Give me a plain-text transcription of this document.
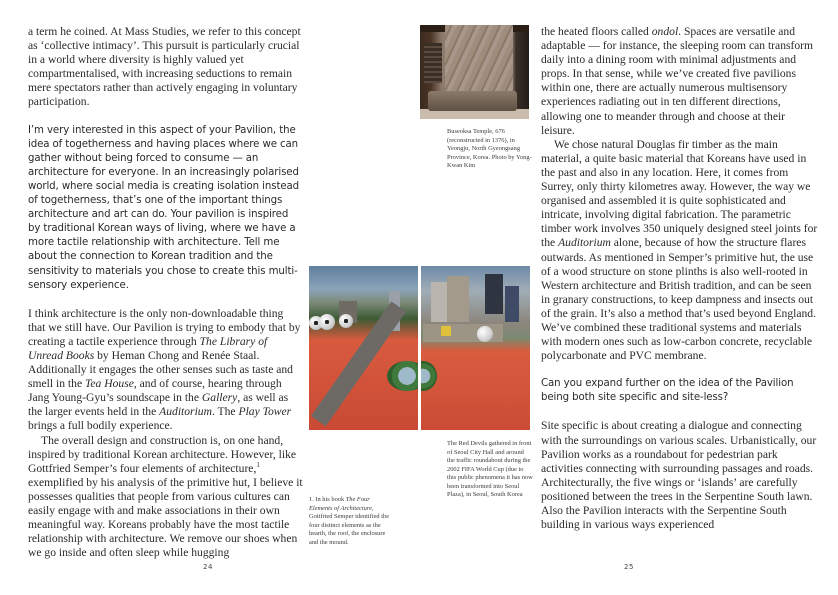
a term he coined. At Mass Studies, we refer to this concept as ‘collective intimacy’. This pursuit is particularly crucial in a world where diversity is highly valued yet compartmentalised, with increasing seductions to remain mere spectators rather than actively engaging in voluntary participation.

I’m very interested in this aspect of your Pavilion, the idea of togetherness and having places where we can gather without being forced to consume — an architecture for everyone. In an increasingly polarised world, where social media is creating isolation instead of togetherness, that’s one of the important things architecture and art can do. Your pavilion is inspired by traditional Korean ways of living, where we have a more tactile relationship with architecture. Tell me about the connection to Korean tradition and the sensitivity to materials you chose to create this multi-sensory experience.

I think architecture is the only non-downloadable thing that we still have. Our Pavilion is trying to embody that by creating a tactile experience through The Library of Unread Books by Heman Chong and Renée Staal. Additionally it engages the other senses such as taste and smell in the Tea House, and of course, hearing through Jang Young-Gyu’s soundscape in the Gallery, as well as the larger events held in the Auditorium. The Play Tower brings a full bodily experience.

The overall design and construction is, on one hand, inspired by traditional Korean architecture. However, like Gottfried Semper’s four elements of architecture,$^1$ exemplified by his analysis of the primitive hut, I believe it possesses qualities that people from various cultures can easily engage with and make associations in their own meaningful way. Koreans probably have the most tactile relationship with architecture. We remove our shoes when we go inside and often sleep while hugging

24
Buseoksa Temple, 676 (reconstructed in 1376), in Yeongju, North Gyeongsang Province, Korea. Photo by Yong-Kwan Kim
The Red Devils gathered in front of Seoul City Hall and around the traffic roundabout during the 2002 FIFA World Cup (due to this public phenomena it has now been transformed into Seoul Plaza), in Seoul, South Korea
1. In his book The Four Elements of Architecture, Gottfried Semper identified the four distinct elements as the hearth, the roof, the enclosure and the mound.

the heated floors called ondol. Spaces are versatile and adaptable — for instance, the sleeping room can transform daily into a dining room with minimal adjustments and props. In that sense, while we’ve created five pavilions within one, there are actually numerous multisensory experiences radiating out in ten different directions, allowing one to meander through and choose at their leisure.

We chose natural Douglas fir timber as the main material, a quite basic material that Koreans have used in the past and also in any location. Here, it comes from Surrey, only thirty kilometres away. However, the way we organised and assembled it is quite sophisticated and intricate, involving digital fabrication. The parametric timber work involves 350 uniquely designed steel joints for the Auditorium alone, because of how the structure flares outwards. As mentioned in Semper’s primitive hut, the use of a wood structure on stone plinths is also well-rooted in Western architecture and British tradition, and can be seen in granary constructions, to keep dampness and insects out of the grain. It’s also a method that’s used beyond England. We’ve combined these traditional systems and materials with modern ones such as low-carbon concrete, recyclable polycarbonate and PVC membrane.

Can you expand further on the idea of the Pavilion being both site specific and site-less?

Site specific is about creating a dialogue and connecting with the surroundings on various scales. Urbanistically, our Pavilion works as a roundabout for pedestrian park activities connecting with surrounding passages and roads. Architecturally, the five wings or ‘islands’ are carefully positioned between the trees in the Serpentine South lawn. Also the Pavilion interacts with the Serpentine South building in various ways experienced

25
